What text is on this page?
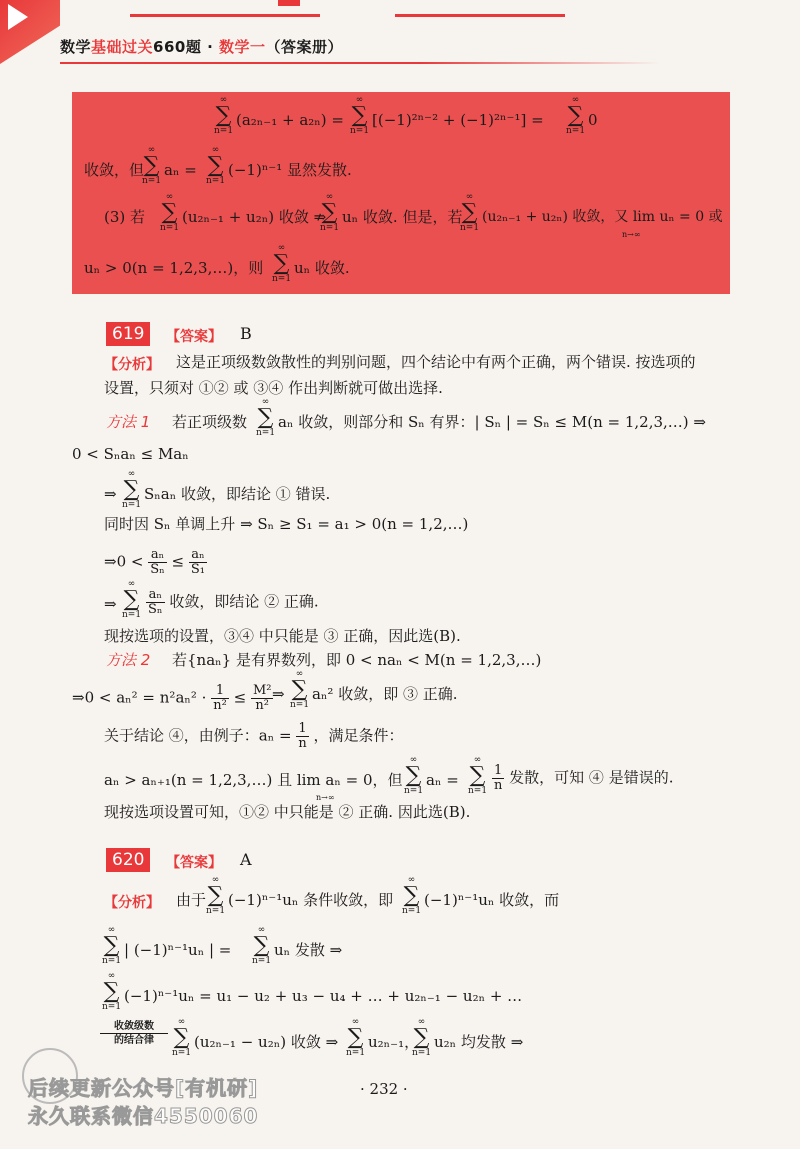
数学基础过关660题 · 数学一（答案册）
∞
∑
n=1
(a₂ₙ₋₁ + a₂ₙ) =
∞
∑
n=1
[(−1)²ⁿ⁻² + (−1)²ⁿ⁻¹] =
∞
∑
n=1
0
收敛，但
∞
∑
n=1
aₙ =
∞
∑
n=1
(−1)ⁿ⁻¹ 显然发散.
(3) 若
∞
∑
n=1
(u₂ₙ₋₁ + u₂ₙ) 收敛 ⇏
∞
∑
n=1
uₙ 收敛. 但是，若
∞
∑
n=1
(u₂ₙ₋₁ + u₂ₙ) 收敛，又 lim uₙ = 0 或
n→∞
uₙ > 0(n = 1,2,3,…)，则
∞
∑
n=1
uₙ 收敛.
619	【答案】 B
【分析】 这是正项级数敛散性的判别问题，四个结论中有两个正确，两个错误. 按选项的
设置，只须对 ①② 或 ③④ 作出判断就可做出选择.
方法 1 若正项级数
∞
∑
n=1
aₙ 收敛，则部分和 Sₙ 有界：| Sₙ | = Sₙ ≤ M(n = 1,2,3,…) ⇒
0 < Sₙaₙ ≤ Maₙ
⇒
∞
∑
n=1
Sₙaₙ 收敛，即结论 ① 错误.
同时因 Sₙ 单调上升 ⇒ Sₙ ≥ S₁ = a₁ > 0(n = 1,2,…)
⇒0 < $\frac{\text{aₙ}}{\text{Sₙ}} \le \frac{\text{aₙ}}{\text{S₁}}$
⇒
∞
∑
$n=1 \frac{\text{aₙ}}{\text{Sₙ}}$ 收敛，即结论 ② 正确.
现按选项的设置，③④ 中只能是 ③ 正确，因此选(B).
方法 2 若{naₙ} 是有界数列，即 0 < naₙ < M(n = 1,2,3,…)
⇒0 < $a_n^2 = n^2a_n^2 \cdot \frac{1}{\text{n²}} \le \frac{\text{M²}}{\text{n²}}$
⇒
∞
∑
n=1
aₙ² 收敛，即 ③ 正确.
关于结论 ④，由例子：$a_n = \frac{1}{n}$ ，满足条件：
aₙ > aₙ₊₁(n = 1,2,3,…) 且 lim aₙ = 0，但
n→∞
∞
∑
n=1
aₙ =
∞
∑
$n=1 \frac{1}{n}$ 发散，可知 ④ 是错误的.
现按选项设置可知，①② 中只能是 ② 正确. 因此选(B).
620	【答案】 A
【分析】 由于
∞
∑
n=1
(−1)ⁿ⁻¹uₙ 条件收敛，即
∞
∑
n=1
(−1)ⁿ⁻¹uₙ 收敛，而
∞
∑
n=1
| (−1)ⁿ⁻¹uₙ | =
∞
∑
n=1
uₙ 发散 ⇒
∞
∑
n=1
(−1)ⁿ⁻¹uₙ = u₁ − u₂ + u₃ − u₄ + … + u₂ₙ₋₁ − u₂ₙ + …
收敛级数
的结合律
∞
∑
n=1
(u₂ₙ₋₁ − u₂ₙ) 收敛 ⇒
∞
∑
n=1
u₂ₙ₋₁，
∞
∑
n=1
u₂ₙ 均发散 ⇒
· 232 ·
后续更新公众号[有机研]
永久联系微信4550060
